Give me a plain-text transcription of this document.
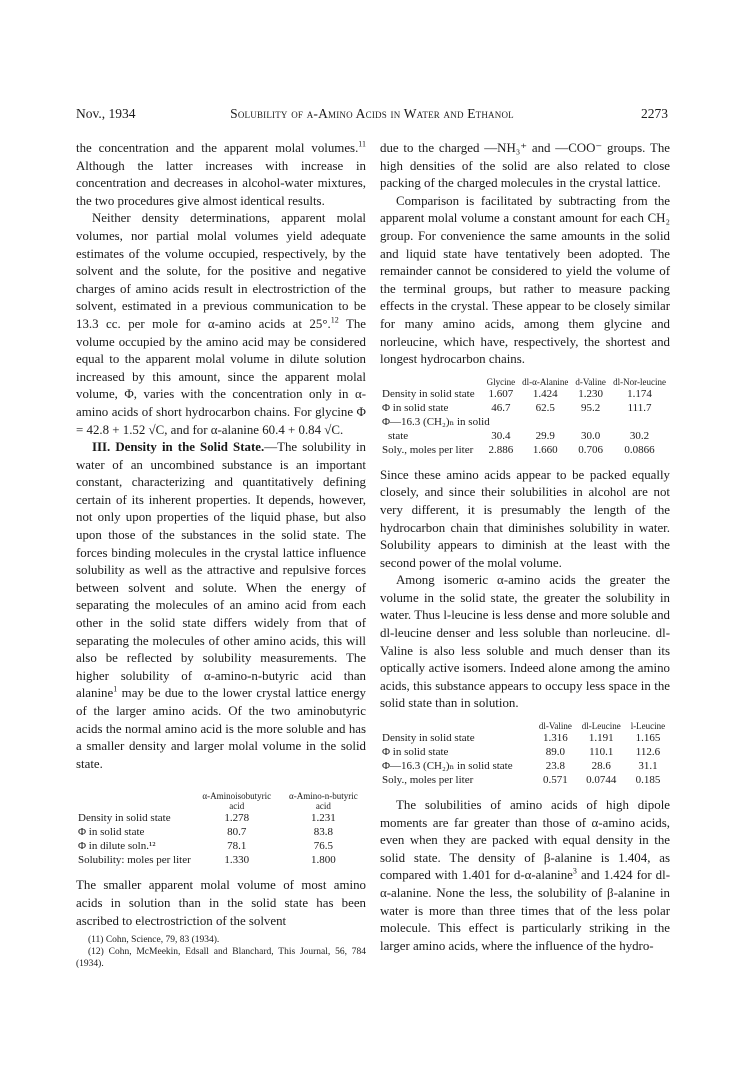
Nov., 1934	Solubility of α-Amino Acids in Water and Ethanol	2273

the concentration and the apparent molal volumes.$^{11}$ Although the latter increases with increase in concentration and decreases in alcohol-water mixtures, the two procedures give almost identical results.

Neither density determinations, apparent molal volumes, nor partial molal volumes yield adequate estimates of the volume occupied, respectively, by the solvent and the solute, for the positive and negative charges of amino acids result in electrostriction of the solvent, estimated in a previous communication to be 13.3 cc. per mole for α-amino acids at 25°.$^{12}$ The volume occupied by the amino acid may be considered equal to the apparent molal volume in dilute solution increased by this amount, since the apparent molal volume, Φ, varies with the concentration only in α-amino acids of short hydrocarbon chains. For glycine Φ = 42.8 + 1.52 √C, and for α-alanine 60.4 + 0.84 √C.

III. Density in the Solid State.—The solubility in water of an uncombined substance is an important constant, characterizing and quantitatively defining certain of its inherent properties. It depends, however, not only upon properties of the liquid phase, but also upon those of the substances in the solid state. The forces binding molecules in the crystal lattice influence solubility as well as the attractive and repulsive forces between solvent and solute. When the energy of separating the molecules of an amino acid from each other in the solid state differs widely from that of separating the molecules of other amino acids, this will also be reflected by solubility measurements. The higher solubility of α-amino-n-butyric acid than alanine$^1$ may be due to the lower crystal lattice energy of the larger amino acids. Of the two aminobutyric acids the normal amino acid is the more soluble and has a smaller density and larger molal volume in the solid state.

	α-Aminoisobutyric acid	α-Amino-n-butyric acid
Density in solid state	1.278	1.231
Φ in solid state	80.7	83.8
Φ in dilute soln.¹²	78.1	76.5
Solubility: moles per liter	1.330	1.800

The smaller apparent molal volume of most amino acids in solution than in the solid state has been ascribed to electrostriction of the solvent

(11) Cohn, Science, 79, 83 (1934).

(12) Cohn, McMeekin, Edsall and Blanchard, This Journal, 56, 784 (1934).

due to the charged —NH₃⁺ and —COO⁻ groups. The high densities of the solid are also related to close packing of the charged molecules in the crystal lattice.

Comparison is facilitated by subtracting from the apparent molal volume a constant amount for each CH₂ group. For convenience the same amounts in the solid and liquid state have tentatively been adopted. The remainder cannot be considered to yield the volume of the terminal groups, but rather to measure packing effects in the crystal. These appear to be closely similar for many amino acids, among them glycine and norleucine, which have, respectively, the shortest and longest hydrocarbon chains.

	Glycine	dl-α-Alanine	d-Valine	dl-Nor-leucine
Density in solid state	1.607	1.424	1.230	1.174
Φ in solid state	46.7	62.5	95.2	111.7
Φ—16.3 (CH₂)ₙ in solid				
state	30.4	29.9	30.0	30.2
Soly., moles per liter	2.886	1.660	0.706	0.0866

Since these amino acids appear to be packed equally closely, and since their solubilities in alcohol are not very different, it is presumably the length of the hydrocarbon chain that diminishes solubility in water. Solubility appears to diminish at the least with the second power of the molal volume.

Among isomeric α-amino acids the greater the volume in the solid state, the greater the solubility in water. Thus l-leucine is less dense and more soluble and dl-leucine denser and less soluble than norleucine. dl-Valine is also less soluble and much denser than its optically active isomers. Indeed alone among the amino acids, this substance appears to occupy less space in the solid state than in solution.

	dl-Valine	dl-Leucine	l-Leucine
Density in solid state	1.316	1.191	1.165
Φ in solid state	89.0	110.1	112.6
Φ—16.3 (CH₂)ₙ in solid state	23.8	28.6	31.1
Soly., moles per liter	0.571	0.0744	0.185

The solubilities of amino acids of high dipole moments are far greater than those of α-amino acids, even when they are packed with equal density in the solid state. The density of β-alanine is 1.404, as compared with 1.401 for d-α-alanine$^3$ and 1.424 for dl-α-alanine. None the less, the solubility of β-alanine in water is more than three times that of the less polar molecule. This effect is particularly striking in the larger amino acids, where the influence of the hydro-
